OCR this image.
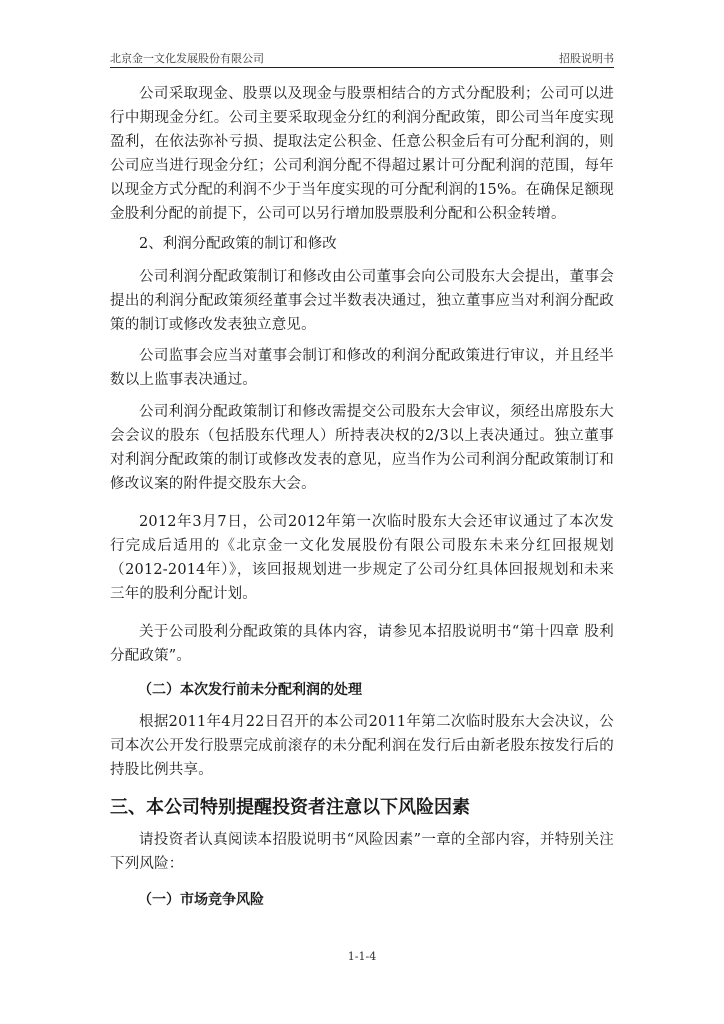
北京金一文化发展股份有限公司	招股说明书

公司采取现金、股票以及现金与股票相结合的方式分配股利；公司可以进行中期现金分红。公司主要采取现金分红的利润分配政策，即公司当年度实现盈利，在依法弥补亏损、提取法定公积金、任意公积金后有可分配利润的，则公司应当进行现金分红；公司利润分配不得超过累计可分配利润的范围，每年以现金方式分配的利润不少于当年度实现的可分配利润的15%。在确保足额现金股利分配的前提下，公司可以另行增加股票股利分配和公积金转增。

2、利润分配政策的制订和修改

公司利润分配政策制订和修改由公司董事会向公司股东大会提出，董事会提出的利润分配政策须经董事会过半数表决通过，独立董事应当对利润分配政策的制订或修改发表独立意见。

公司监事会应当对董事会制订和修改的利润分配政策进行审议，并且经半数以上监事表决通过。

公司利润分配政策制订和修改需提交公司股东大会审议，须经出席股东大会会议的股东（包括股东代理人）所持表决权的2/3以上表决通过。独立董事对利润分配政策的制订或修改发表的意见，应当作为公司利润分配政策制订和修改议案的附件提交股东大会。

2012年3月7日，公司2012年第一次临时股东大会还审议通过了本次发行完成后适用的《北京金一文化发展股份有限公司股东未来分红回报规划（2012-2014年）》，该回报规划进一步规定了公司分红具体回报规划和未来三年的股利分配计划。

关于公司股利分配政策的具体内容，请参见本招股说明书“第十四章 股利分配政策”。

（二）本次发行前未分配利润的处理

根据2011年4月22日召开的本公司2011年第二次临时股东大会决议，公司本次公开发行股票完成前滚存的未分配利润在发行后由新老股东按发行后的持股比例共享。

三、本公司特别提醒投资者注意以下风险因素

请投资者认真阅读本招股说明书“风险因素”一章的全部内容，并特别关注下列风险：

（一）市场竞争风险

1-1-4
